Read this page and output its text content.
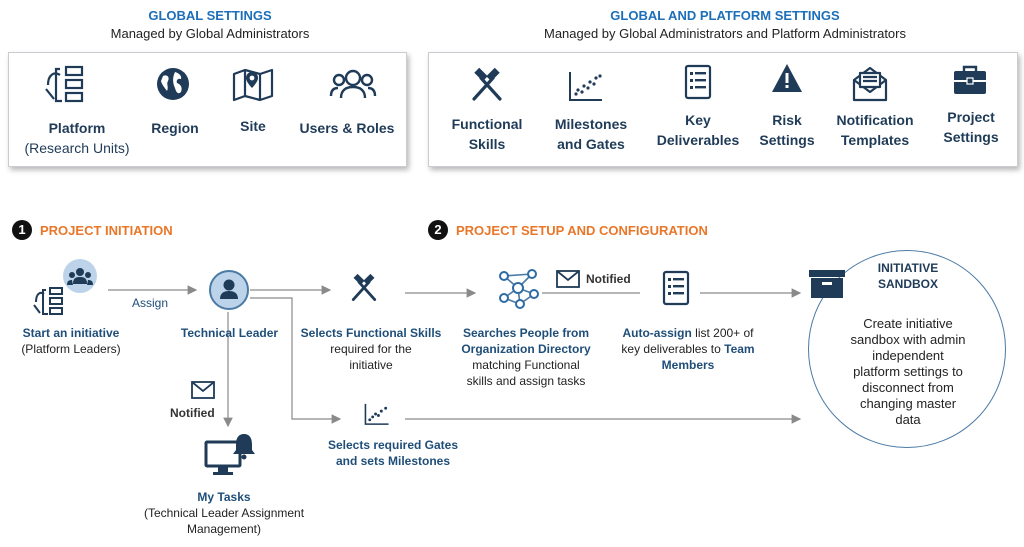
GLOBAL SETTINGS
Managed by Global Administrators
GLOBAL AND PLATFORM SETTINGS
Managed by Global Administrators and Platform Administrators
Platform
(Research Units)
Region	Site	Users & Roles	Functional
Skills
Milestones
and Gates
Key
Deliverables
Risk
Settings
Notification
Templates
Project
Settings
1	PROJECT INITIATION	2	PROJECT SETUP AND CONFIGURATION
Start an initiative
(Platform Leaders)
Assign
Technical Leader
Notified
My Tasks
(Technical Leader Assignment
Management)
Selects Functional Skills
required for the
initiative
Selects required Gates
and sets Milestones
Searches People from
Organization Directory
matching Functional
skills and assign tasks
Notified
Auto-assign list 200+ of
key deliverables to Team
Members
INITIATIVE
SANDBOX
Create initiative
sandbox with admin
independent
platform settings to
disconnect from
changing master
data
